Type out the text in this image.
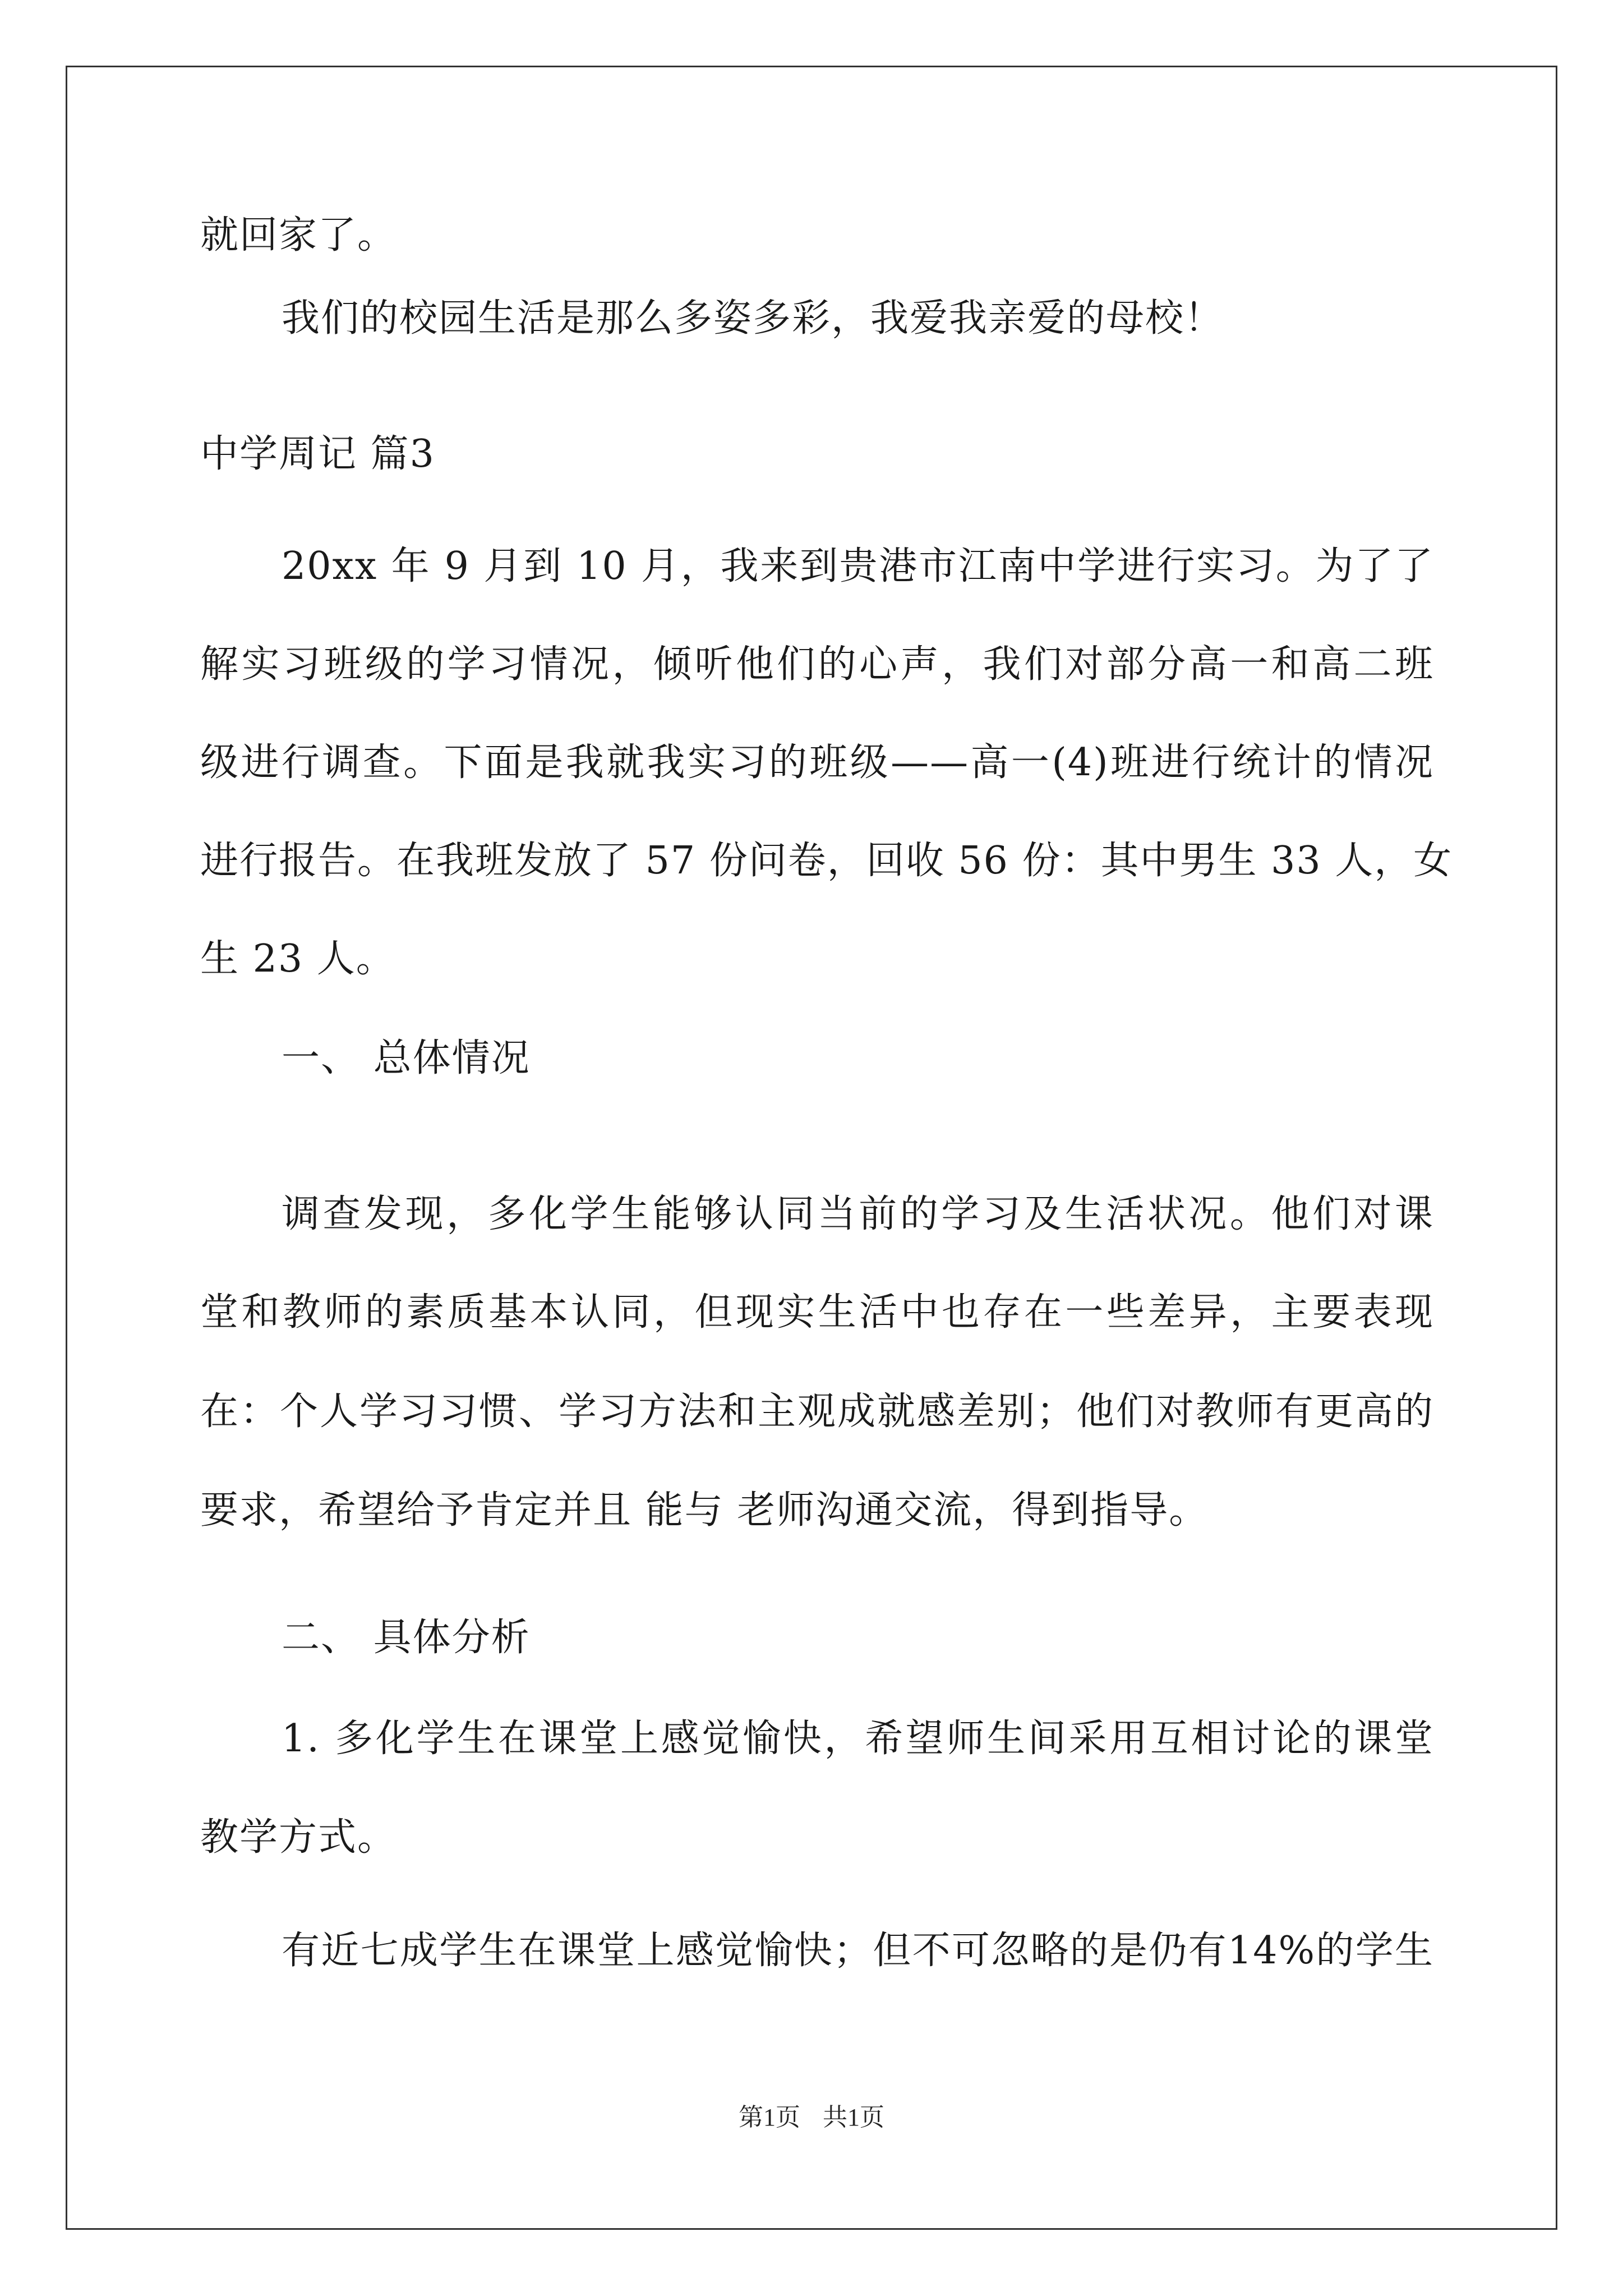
就回家了。
我们的校园生活是那么多姿多彩，我爱我亲爱的母校！
中学周记 篇3
20xx 年 9 月到 10 月，我来到贵港市江南中学进行实习。为了了
解实习班级的学习情况，倾听他们的心声，我们对部分高一和高二班
级进行调查。下面是我就我实习的班级——高一(4)班进行统计的情况
进行报告。在我班发放了 57 份问卷，回收 56 份：其中男生 33 人，女
生 23 人。
一、 总体情况
调查发现，多化学生能够认同当前的学习及生活状况。他们对课
堂和教师的素质基本认同，但现实生活中也存在一些差异，主要表现
在：个人学习习惯、学习方法和主观成就感差别；他们对教师有更高的
要求，希望给予肯定并且 能与 老师沟通交流，得到指导。
二、 具体分析
1. 多化学生在课堂上感觉愉快，希望师生间采用互相讨论的课堂
教学方式。
有近七成学生在课堂上感觉愉快；但不可忽略的是仍有14%的学生
第1页 共1页
